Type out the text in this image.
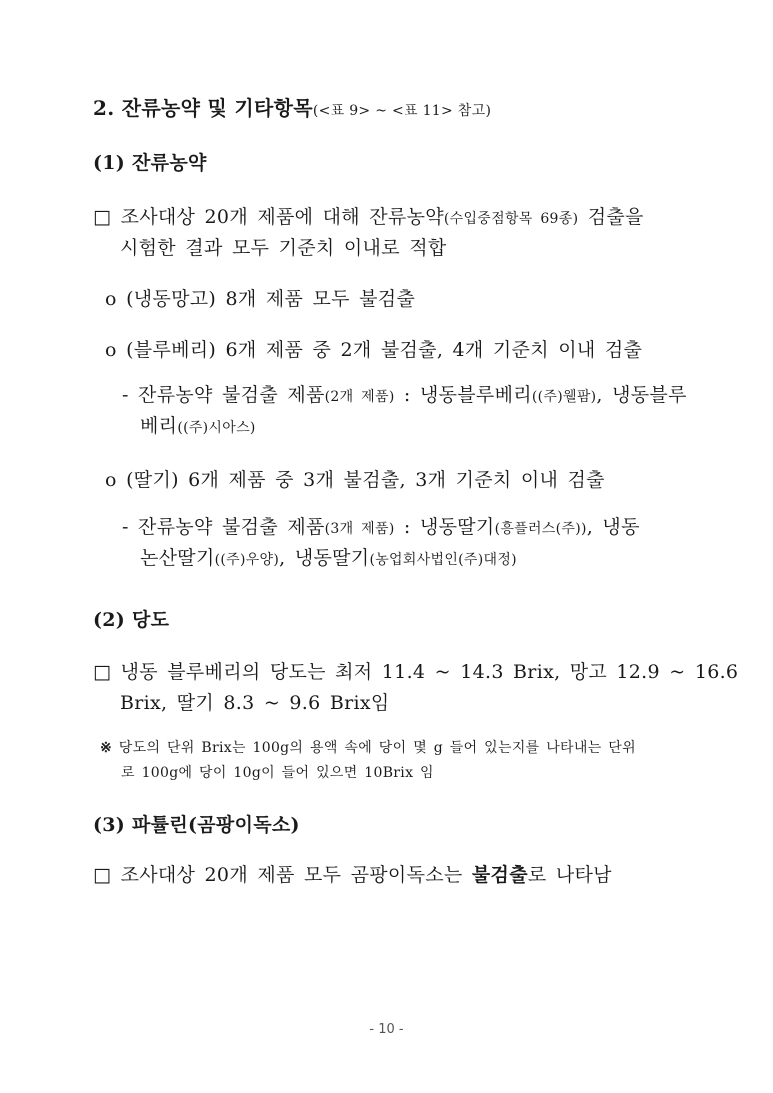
2. 잔류농약 및 기타항목(<표 9> ~ <표 11> 참고)
(1) 잔류농약
□ 조사대상 20개 제품에 대해 잔류농약(수입중점항목 69종) 검출을
시험한 결과 모두 기준치 이내로 적합
ο (냉동망고) 8개 제품 모두 불검출
ο (블루베리) 6개 제품 중 2개 불검출, 4개 기준치 이내 검출
- 잔류농약 불검출 제품(2개 제품) : 냉동블루베리((주)웰팜), 냉동블루
베리((주)시아스)
ο (딸기) 6개 제품 중 3개 불검출, 3개 기준치 이내 검출
- 잔류농약 불검출 제품(3개 제품) : 냉동딸기(흥플러스(주)), 냉동
논산딸기((주)우양), 냉동딸기(농업회사법인(주)대정)
(2) 당도
□ 냉동 블루베리의 당도는 최저 11.4 ~ 14.3 Brix, 망고 12.9 ~ 16.6
Brix, 딸기 8.3 ~ 9.6 Brix임
※ 당도의 단위 Brix는 100g의 용액 속에 당이 몇 g 들어 있는지를 나타내는 단위
로 100g에 당이 10g이 들어 있으면 10Brix 임
(3) 파튤린(곰팡이독소)
□ 조사대상 20개 제품 모두 곰팡이독소는 불검출로 나타남
- 10 -
